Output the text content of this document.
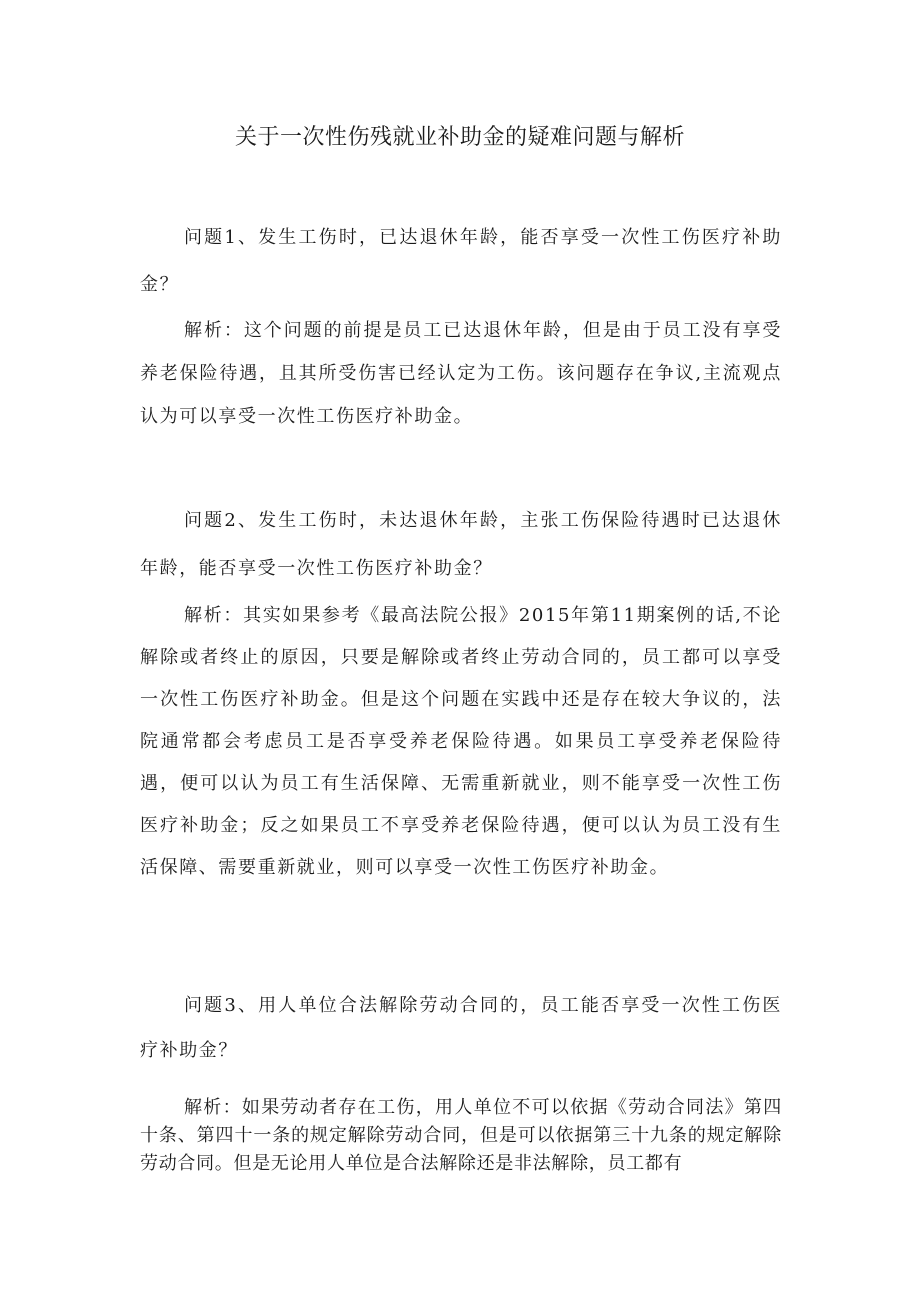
关于一次性伤残就业补助金的疑难问题与解析

问题1、发生工伤时，已达退休年龄，能否享受一次性工伤医疗补助金？

解析：这个问题的前提是员工已达退休年龄，但是由于员工没有享受养老保险待遇，且其所受伤害已经认定为工伤。该问题存在争议,主流观点认为可以享受一次性工伤医疗补助金。

问题2、发生工伤时，未达退休年龄，主张工伤保险待遇时已达退休年龄，能否享受一次性工伤医疗补助金？

解析：其实如果参考《最高法院公报》2015年第11期案例的话,不论解除或者终止的原因，只要是解除或者终止劳动合同的，员工都可以享受一次性工伤医疗补助金。但是这个问题在实践中还是存在较大争议的，法院通常都会考虑员工是否享受养老保险待遇。如果员工享受养老保险待遇，便可以认为员工有生活保障、无需重新就业，则不能享受一次性工伤医疗补助金；反之如果员工不享受养老保险待遇，便可以认为员工没有生活保障、需要重新就业，则可以享受一次性工伤医疗补助金。

问题3、用人单位合法解除劳动合同的，员工能否享受一次性工伤医疗补助金？

解析：如果劳动者存在工伤，用人单位不可以依据《劳动合同法》第四十条、第四十一条的规定解除劳动合同，但是可以依据第三十九条的规定解除劳动合同。但是无论用人单位是合法解除还是非法解除，员工都有
